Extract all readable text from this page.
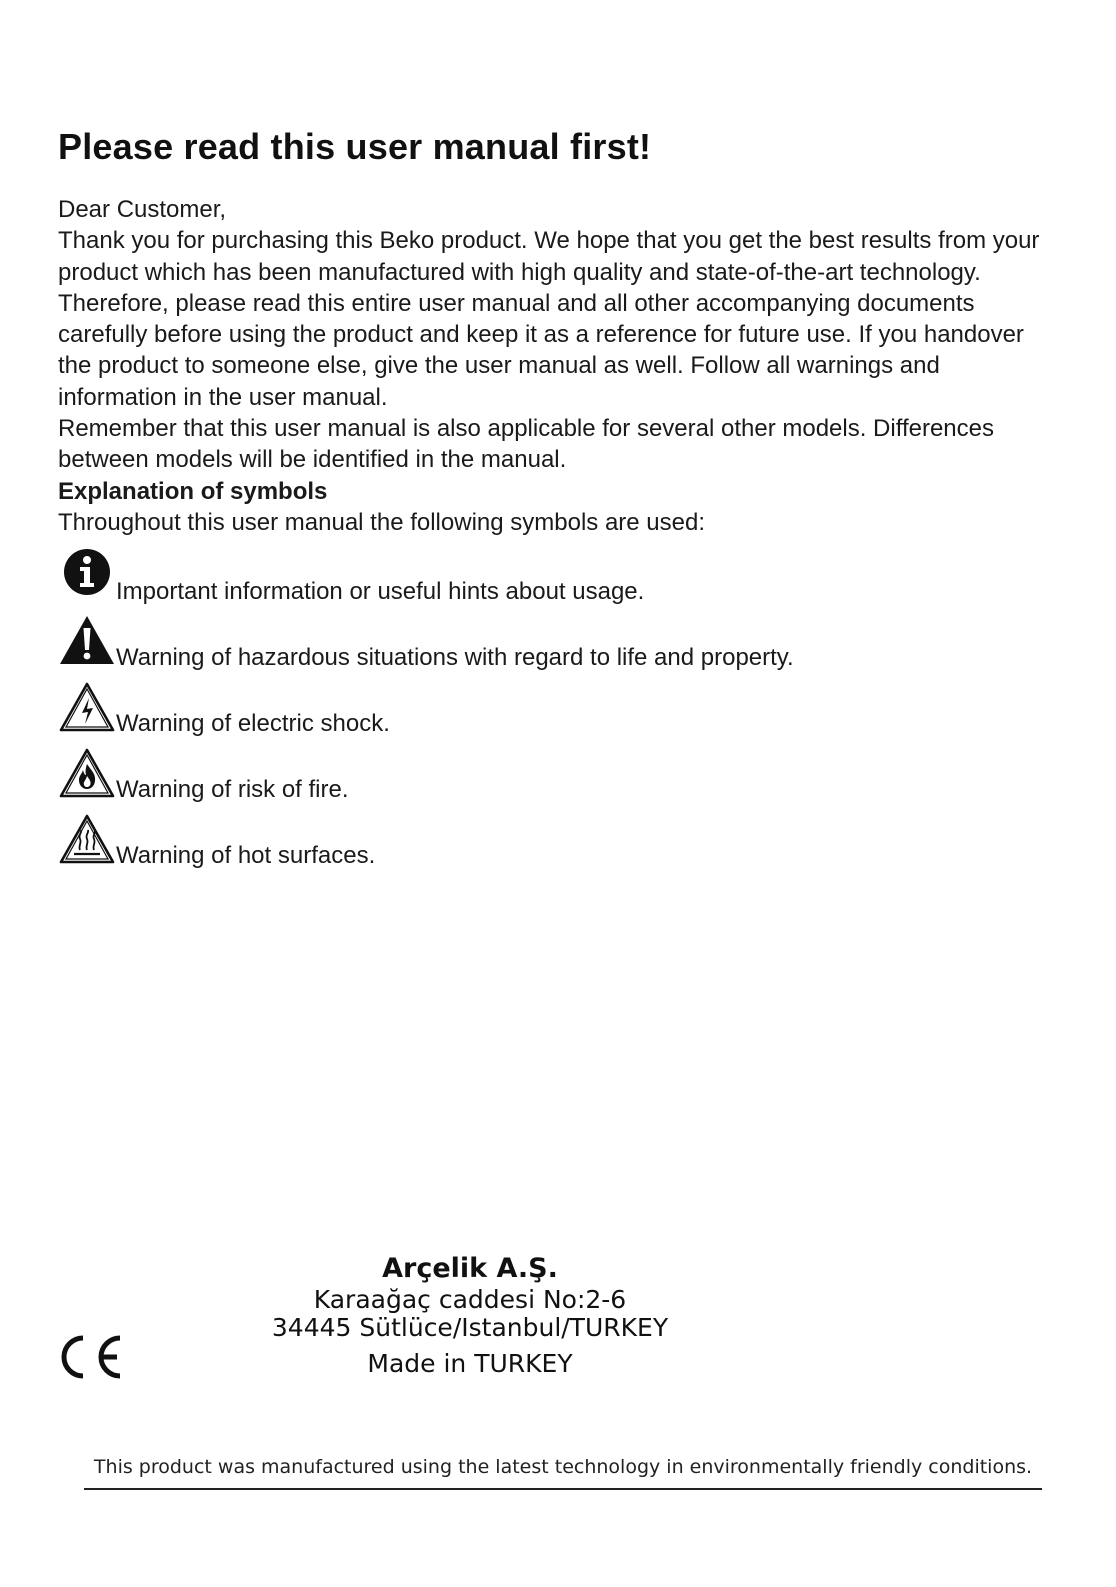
Please read this user manual first!

Dear Customer,

Thank you for purchasing this Beko product. We hope that you get the best results from your product which has been manufactured with high quality and state-of-the-art technology. Therefore, please read this entire user manual and all other accompanying documents carefully before using the product and keep it as a reference for future use. If you handover the product to someone else, give the user manual as well. Follow all warnings and information in the user manual.

Remember that this user manual is also applicable for several other models. Differences between models will be identified in the manual.

Explanation of symbols

Throughout this user manual the following symbols are used:

Important information or useful hints about usage.
Warning of hazardous situations with regard to life and property.
Warning of electric shock.
Warning of risk of fire.
Warning of hot surfaces.
Arçelik A.Ş.
Karaağaç caddesi No:2-6
34445 Sütlüce/Istanbul/TURKEY
Made in TURKEY
This product was manufactured using the latest technology in environmentally friendly conditions.
